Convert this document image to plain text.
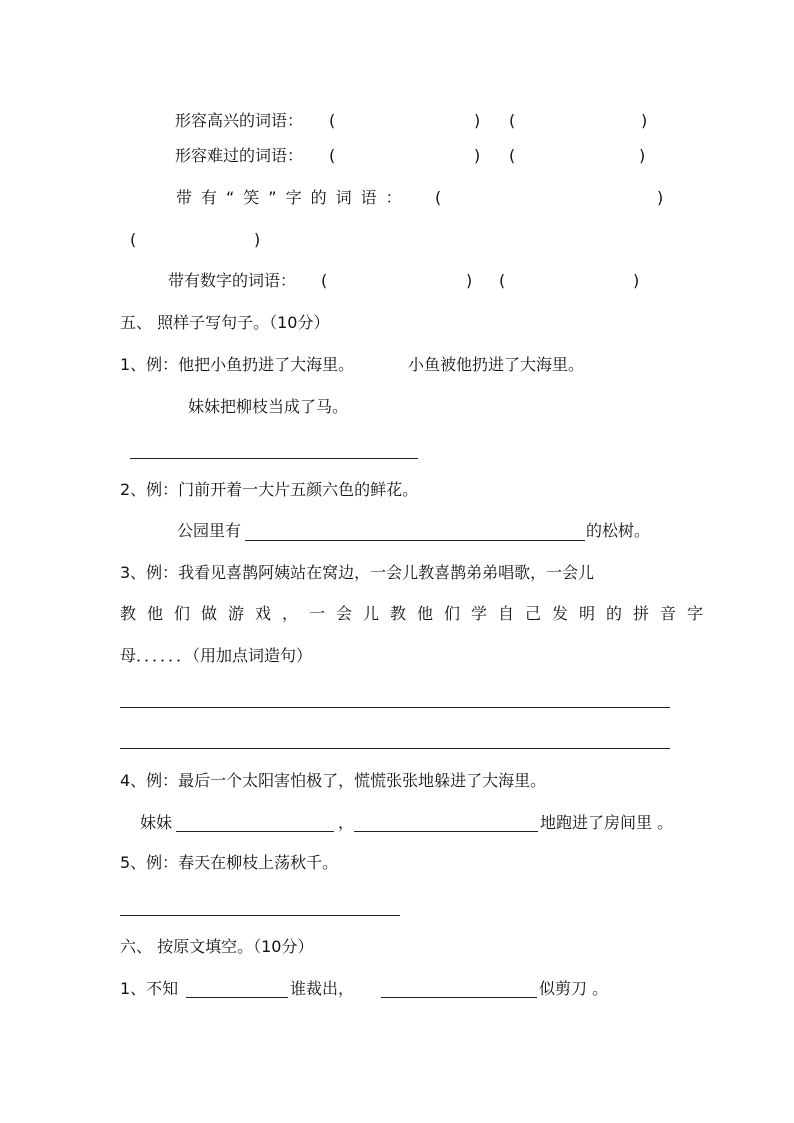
形容高兴的词语： (	) (	)
形容难过的词语： (	) (	)
带有“笑”字的词语： (	)
(	)
带有数字的词语： (	) (	)
五、 照样子写句子。（10分）
1、例：他把小鱼扔进了大海里。	小鱼被他扔进了大海里。
妹妹把柳枝当成了马。
2、例：门前开着一大片五颜六色的鲜花。
公园里有	的松树。
3、例：我看见喜鹊阿姨站在窝边，一会儿教喜鹊弟弟唱歌，一会儿
教他们做游戏，一会儿教他们学自己发明的拼音字
母．．．．．．（用加点词造句）
4、例：最后一个太阳害怕极了，慌慌张张地躲进了大海里。
妹妹	，	地跑进了房间里 。
5、例：春天在柳枝上荡秋千。
六、 按原文填空。（10分）
1、不知	谁裁出，	似剪刀 。
